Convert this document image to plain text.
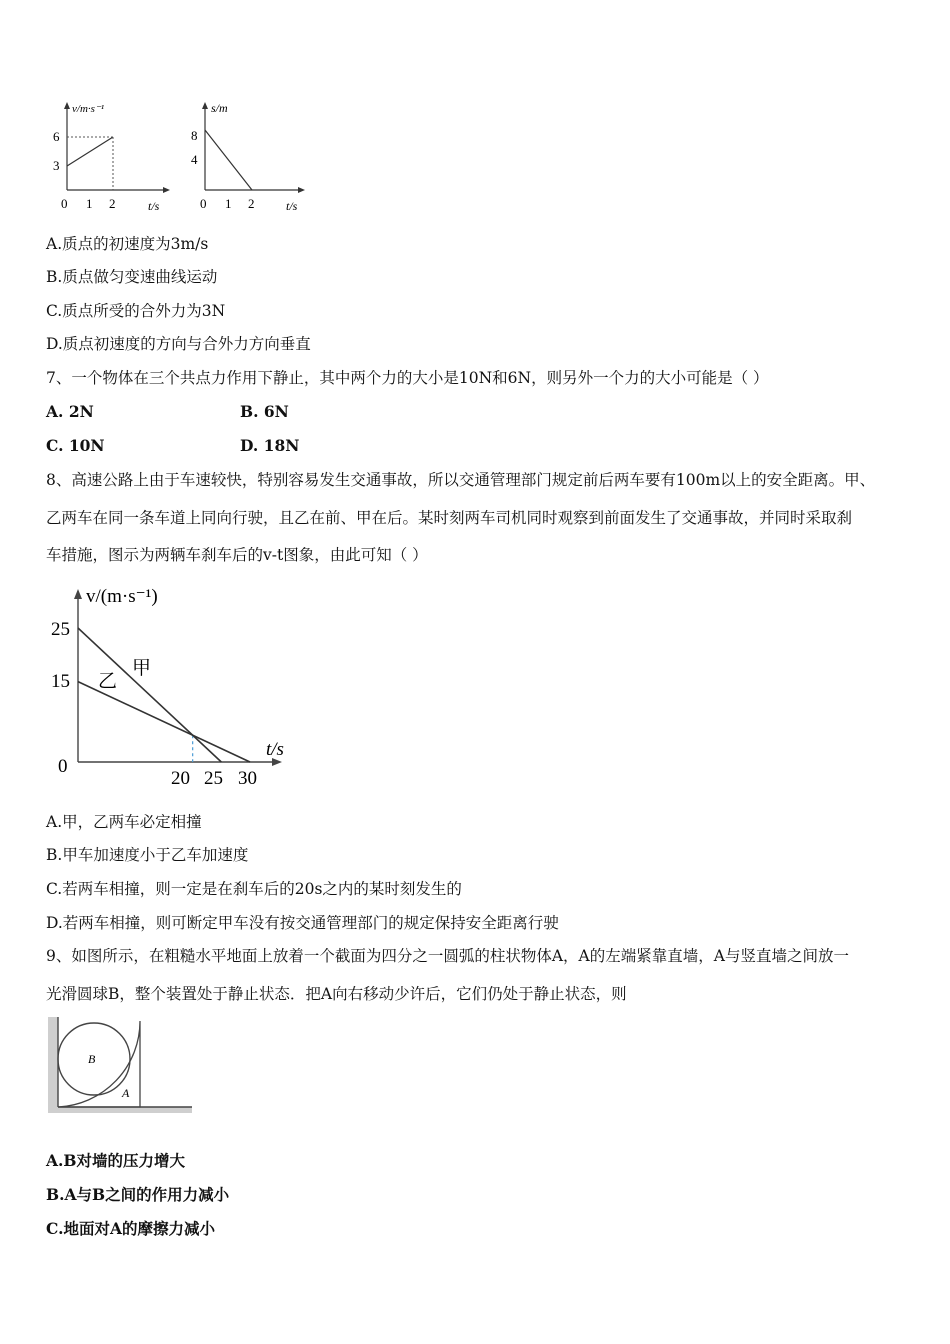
v/m·s⁻¹
6
3
0 1 2	t/s
s/m
8
4
0 1 2	t/s
A.质点的初速度为3m/s
B.质点做匀变速曲线运动
C.质点所受的合外力为3N
D.质点初速度的方向与合外力方向垂直
7、一个物体在三个共点力作用下静止，其中两个力的大小是10N和6N，则另外一个力的大小可能是（ ）
A. 2N	B. 6N
C. 10N	D. 18N
8、高速公路上由于车速较快，特别容易发生交通事故，所以交通管理部门规定前后两车要有100m以上的安全距离。甲、
乙两车在同一条车道上同向行驶，且乙在前、甲在后。某时刻两车司机同时观察到前面发生了交通事故，并同时采取刹
车措施，图示为两辆车刹车后的v-t图象，由此可知（ ）
v/(m·s⁻¹)
25
15
0
20 25 30
t/s
甲
乙
A.甲，乙两车必定相撞
B.甲车加速度小于乙车加速度
C.若两车相撞，则一定是在刹车后的20s之内的某时刻发生的
D.若两车相撞，则可断定甲车没有按交通管理部门的规定保持安全距离行驶
9、如图所示，在粗糙水平地面上放着一个截面为四分之一圆弧的柱状物体A，A的左端紧靠直墙，A与竖直墙之间放一
光滑圆球B，整个装置处于静止状态．把A向右移动少许后，它们仍处于静止状态，则
B
A
A.B对墙的压力增大
B.A与B之间的作用力减小
C.地面对A的摩擦力减小
